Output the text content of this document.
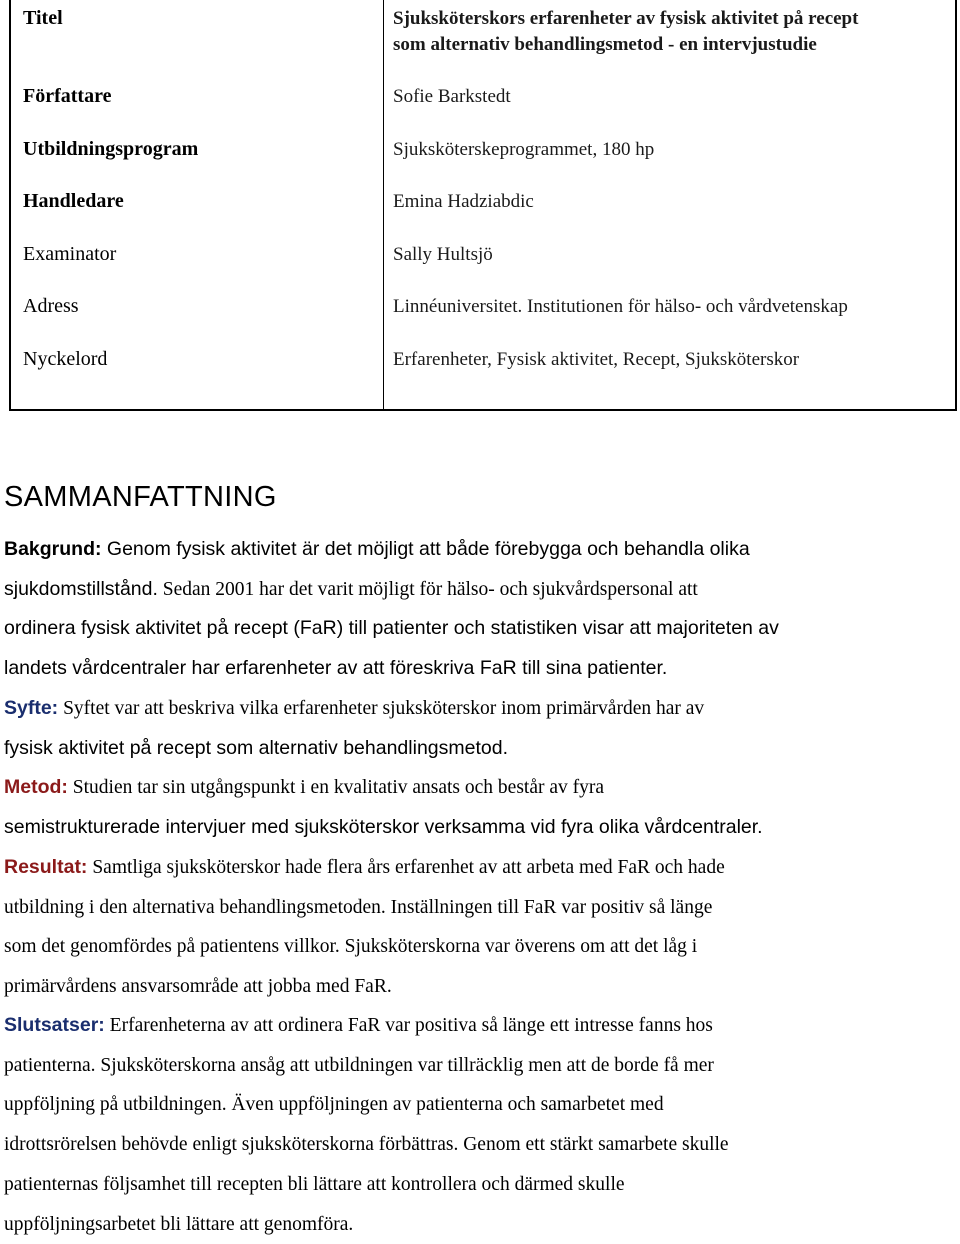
Titel	Sjuksköterskors erfarenheter av fysisk aktivitet på recept
som alternativ behandlingsmetod - en intervjustudie
Författare	Sofie Barkstedt
Utbildningsprogram	Sjuksköterskeprogrammet, 180 hp
Handledare	Emina Hadziabdic
Examinator	Sally Hultsjö
Adress	Linnéuniversitet. Institutionen för hälso- och vårdvetenskap
Nyckelord	Erfarenheter, Fysisk aktivitet, Recept, Sjuksköterskor
SAMMANFATTNING
Bakgrund: Genom fysisk aktivitet är det möjligt att både förebygga och behandla olika
sjukdomstillstånd. Sedan 2001 har det varit möjligt för hälso- och sjukvårdspersonal att
ordinera fysisk aktivitet på recept (FaR) till patienter och statistiken visar att majoriteten av
landets vårdcentraler har erfarenheter av att föreskriva FaR till sina patienter.
Syfte: Syftet var att beskriva vilka erfarenheter sjuksköterskor inom primärvården har av
fysisk aktivitet på recept som alternativ behandlingsmetod.
Metod: Studien tar sin utgångspunkt i en kvalitativ ansats och består av fyra
semistrukturerade intervjuer med sjuksköterskor verksamma vid fyra olika vårdcentraler.
Resultat: Samtliga sjuksköterskor hade flera års erfarenhet av att arbeta med FaR och hade
utbildning i den alternativa behandlingsmetoden. Inställningen till FaR var positiv så länge
som det genomfördes på patientens villkor. Sjuksköterskorna var överens om att det låg i
primärvårdens ansvarsområde att jobba med FaR.
Slutsatser: Erfarenheterna av att ordinera FaR var positiva så länge ett intresse fanns hos
patienterna. Sjuksköterskorna ansåg att utbildningen var tillräcklig men att de borde få mer
uppföljning på utbildningen. Även uppföljningen av patienterna och samarbetet med
idrottsrörelsen behövde enligt sjuksköterskorna förbättras. Genom ett stärkt samarbete skulle
patienternas följsamhet till recepten bli lättare att kontrollera och därmed skulle
uppföljningsarbetet bli lättare att genomföra.
